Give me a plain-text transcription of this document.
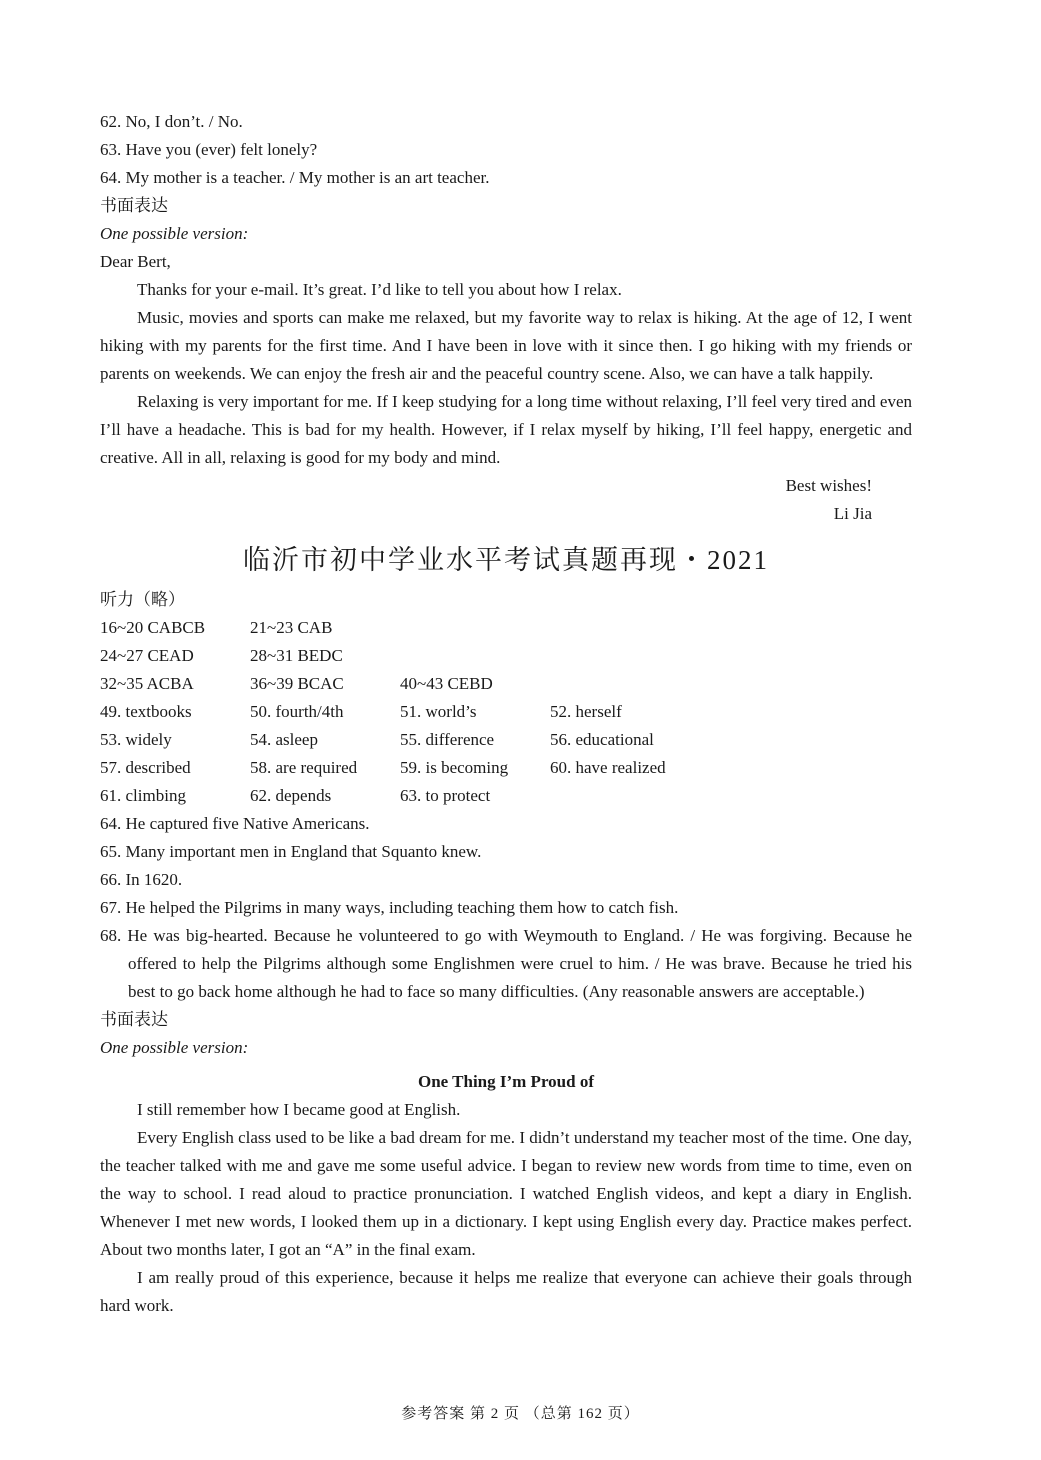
62. No, I don’t. / No.

63. Have you (ever) felt lonely?

64. My mother is a teacher. / My mother is an art teacher.

书面表达

One possible version:

Dear Bert,

Thanks for your e-mail. It’s great. I’d like to tell you about how I relax.

Music, movies and sports can make me relaxed, but my favorite way to relax is hiking. At the age of 12, I went hiking with my parents for the first time. And I have been in love with it since then. I go hiking with my friends or parents on weekends. We can enjoy the fresh air and the peaceful country scene. Also, we can have a talk happily.

Relaxing is very important for me. If I keep studying for a long time without relaxing, I’ll feel very tired and even I’ll have a headache. This is bad for my health. However, if I relax myself by hiking, I’ll feel happy, energetic and creative. All in all, relaxing is good for my body and mind.

Best wishes!

Li Jia

临沂市初中学业水平考试真题再现・2021

听力（略）

16~20 CABCB	21~23 CAB
24~27 CEAD	28~31 BEDC
32~35 ACBA	36~39 BCAC	40~43 CEBD
49. textbooks	50. fourth/4th	51. world’s	52. herself
53. widely	54. asleep	55. difference	56. educational
57. described	58. are required	59. is becoming	60. have realized
61. climbing	62. depends	63. to protect

64. He captured five Native Americans.

65. Many important men in England that Squanto knew.

66. In 1620.

67. He helped the Pilgrims in many ways, including teaching them how to catch fish.

68. He was big-hearted. Because he volunteered to go with Weymouth to England. / He was forgiving. Because he offered to help the Pilgrims although some Englishmen were cruel to him. / He was brave. Because he tried his best to go back home although he had to face so many difficulties. (Any reasonable answers are acceptable.)

书面表达

One possible version:

One Thing I’m Proud of

I still remember how I became good at English.

Every English class used to be like a bad dream for me. I didn’t understand my teacher most of the time. One day, the teacher talked with me and gave me some useful advice. I began to review new words from time to time, even on the way to school. I read aloud to practice pronunciation. I watched English videos, and kept a diary in English. Whenever I met new words, I looked them up in a dictionary. I kept using English every day. Practice makes perfect. About two months later, I got an “A” in the final exam.

I am really proud of this experience, because it helps me realize that everyone can achieve their goals through hard work.

参考答案 第 2 页 （总第 162 页）
